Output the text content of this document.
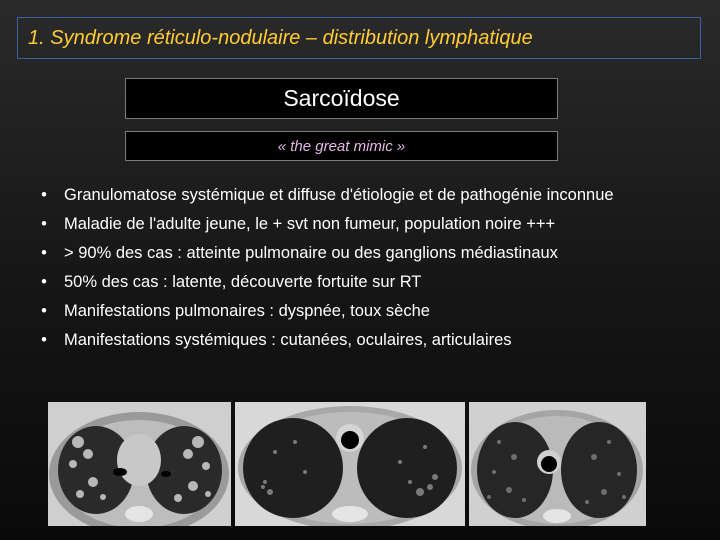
1. Syndrome réticulo-nodulaire – distribution lymphatique
Sarcoïdose
« the great mimic »
• Granulomatose systémique et diffuse d'étiologie et de pathogénie inconnue
• Maladie de l'adulte jeune, le + svt non fumeur, population noire +++
• > 90% des cas : atteinte pulmonaire ou des ganglions médiastinaux
• 50% des cas : latente, découverte fortuite sur RT
• Manifestations pulmonaires : dyspnée, toux sèche
• Manifestations systémiques : cutanées, oculaires, articulaires
